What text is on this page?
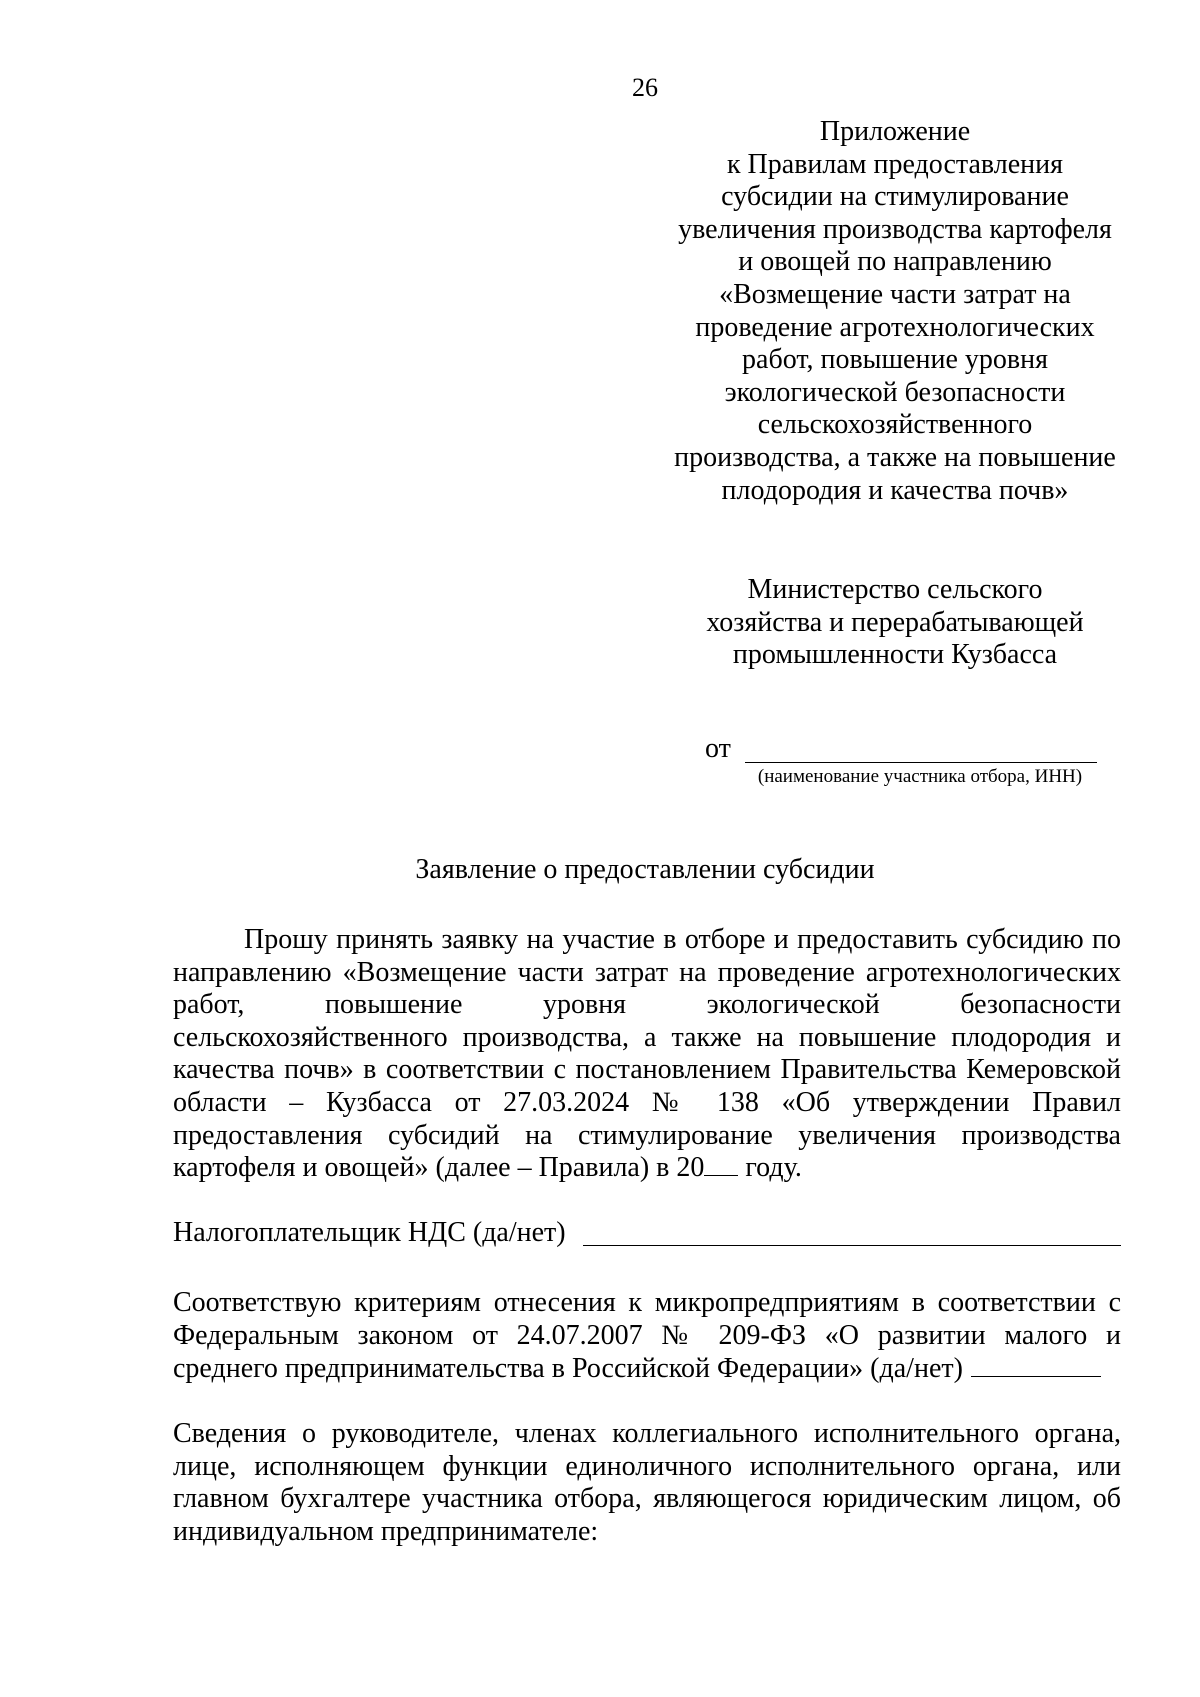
26
Приложение
к Правилам предоставления
субсидии на стимулирование
увеличения производства картофеля
и овощей по направлению
«Возмещение части затрат на
проведение агротехнологических
работ, повышение уровня
экологической безопасности
сельскохозяйственного
производства, а также на повышение
плодородия и качества почв»
Министерство сельского
хозяйства и перерабатывающей
промышленности Кузбасса
от
(наименование участника отбора, ИНН)
Заявление о предоставлении субсидии
Прошу принять заявку на участие в отборе и предоставить субсидию по
направлению «Возмещение части затрат на проведение агротехнологических
работ, повышение уровня экологической безопасности
сельскохозяйственного производства, а также на повышение плодородия и
качества почв» в соответствии с постановлением Правительства Кемеровской
области – Кузбасса от 27.03.2024 № 138 «Об утверждении Правил
предоставления субсидий на стимулирование увеличения производства
картофеля и овощей» (далее – Правила) в 20 году.
Налогоплательщик НДС (да/нет)
Соответствую критериям отнесения к микропредприятиям в соответствии с
Федеральным законом от 24.07.2007 № 209-ФЗ «О развитии малого и
среднего предпринимательства в Российской Федерации» (да/нет)
Сведения о руководителе, членах коллегиального исполнительного органа,
лице, исполняющем функции единоличного исполнительного органа, или
главном бухгалтере участника отбора, являющегося юридическим лицом, об
индивидуальном предпринимателе:
